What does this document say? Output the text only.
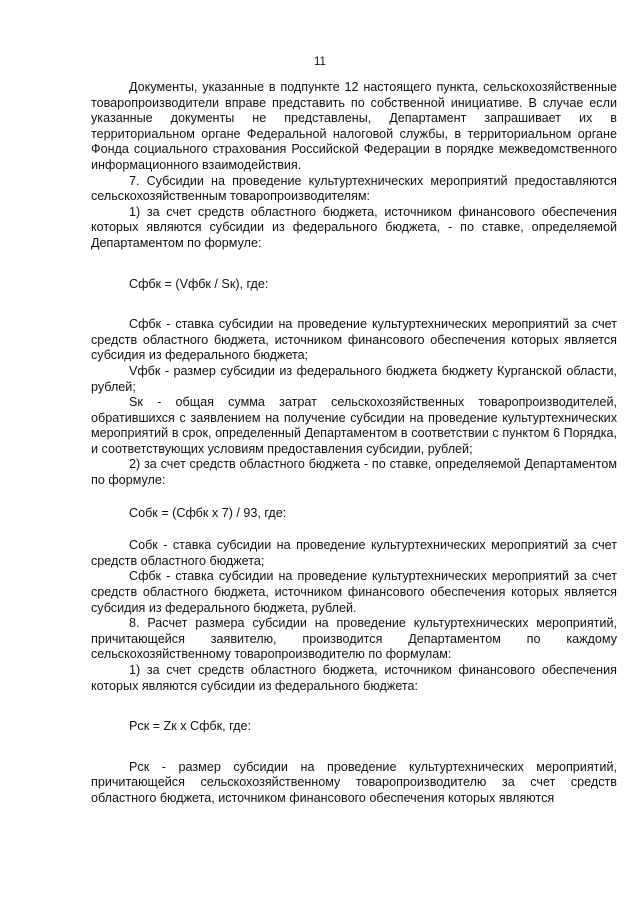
11

Документы, указанные в подпункте 12 настоящего пункта, сельскохозяйственные товаропроизводители вправе представить по собственной инициативе. В случае если указанные документы не представлены, Департамент запрашивает их в территориальном органе Федеральной налоговой службы, в территориальном органе Фонда социального страхования Российской Федерации в порядке межведомственного информационного взаимодействия.

7. Субсидии на проведение культуртехнических мероприятий предоставляются сельскохозяйственным товаропроизводителям:

1) за счет средств областного бюджета, источником финансового обеспечения которых являются субсидии из федерального бюджета, - по ставке, определяемой Департаментом по формуле:

Сфбк = (Vфбк / Sк), где:

Сфбк - ставка субсидии на проведение культуртехнических мероприятий за счет средств областного бюджета, источником финансового обеспечения которых является субсидия из федерального бюджета;

Vфбк - размер субсидии из федерального бюджета бюджету Курганской области, рублей;

Sк - общая сумма затрат сельскохозяйственных товаропроизводителей, обратившихся с заявлением на получение субсидии на проведение культуртехнических мероприятий в срок, определенный Департаментом в соответствии с пунктом 6 Порядка, и соответствующих условиям предоставления субсидии, рублей;

2) за счет средств областного бюджета - по ставке, определяемой Департаментом по формуле:

Собк = (Сфбк х 7) / 93, где:

Собк - ставка субсидии на проведение культуртехнических мероприятий за счет средств областного бюджета;

Сфбк - ставка субсидии на проведение культуртехнических мероприятий за счет средств областного бюджета, источником финансового обеспечения которых является субсидия из федерального бюджета, рублей.

8. Расчет размера субсидии на проведение культуртехнических мероприятий, причитающейся заявителю, производится Департаментом по каждому сельскохозяйственному товаропроизводителю по формулам:

1) за счет средств областного бюджета, источником финансового обеспечения которых являются субсидии из федерального бюджета:

Рск = Zк х Сфбк, где:

Рск - размер субсидии на проведение культуртехнических мероприятий, причитающейся сельскохозяйственному товаропроизводителю за счет средств областного бюджета, источником финансового обеспечения которых являются
